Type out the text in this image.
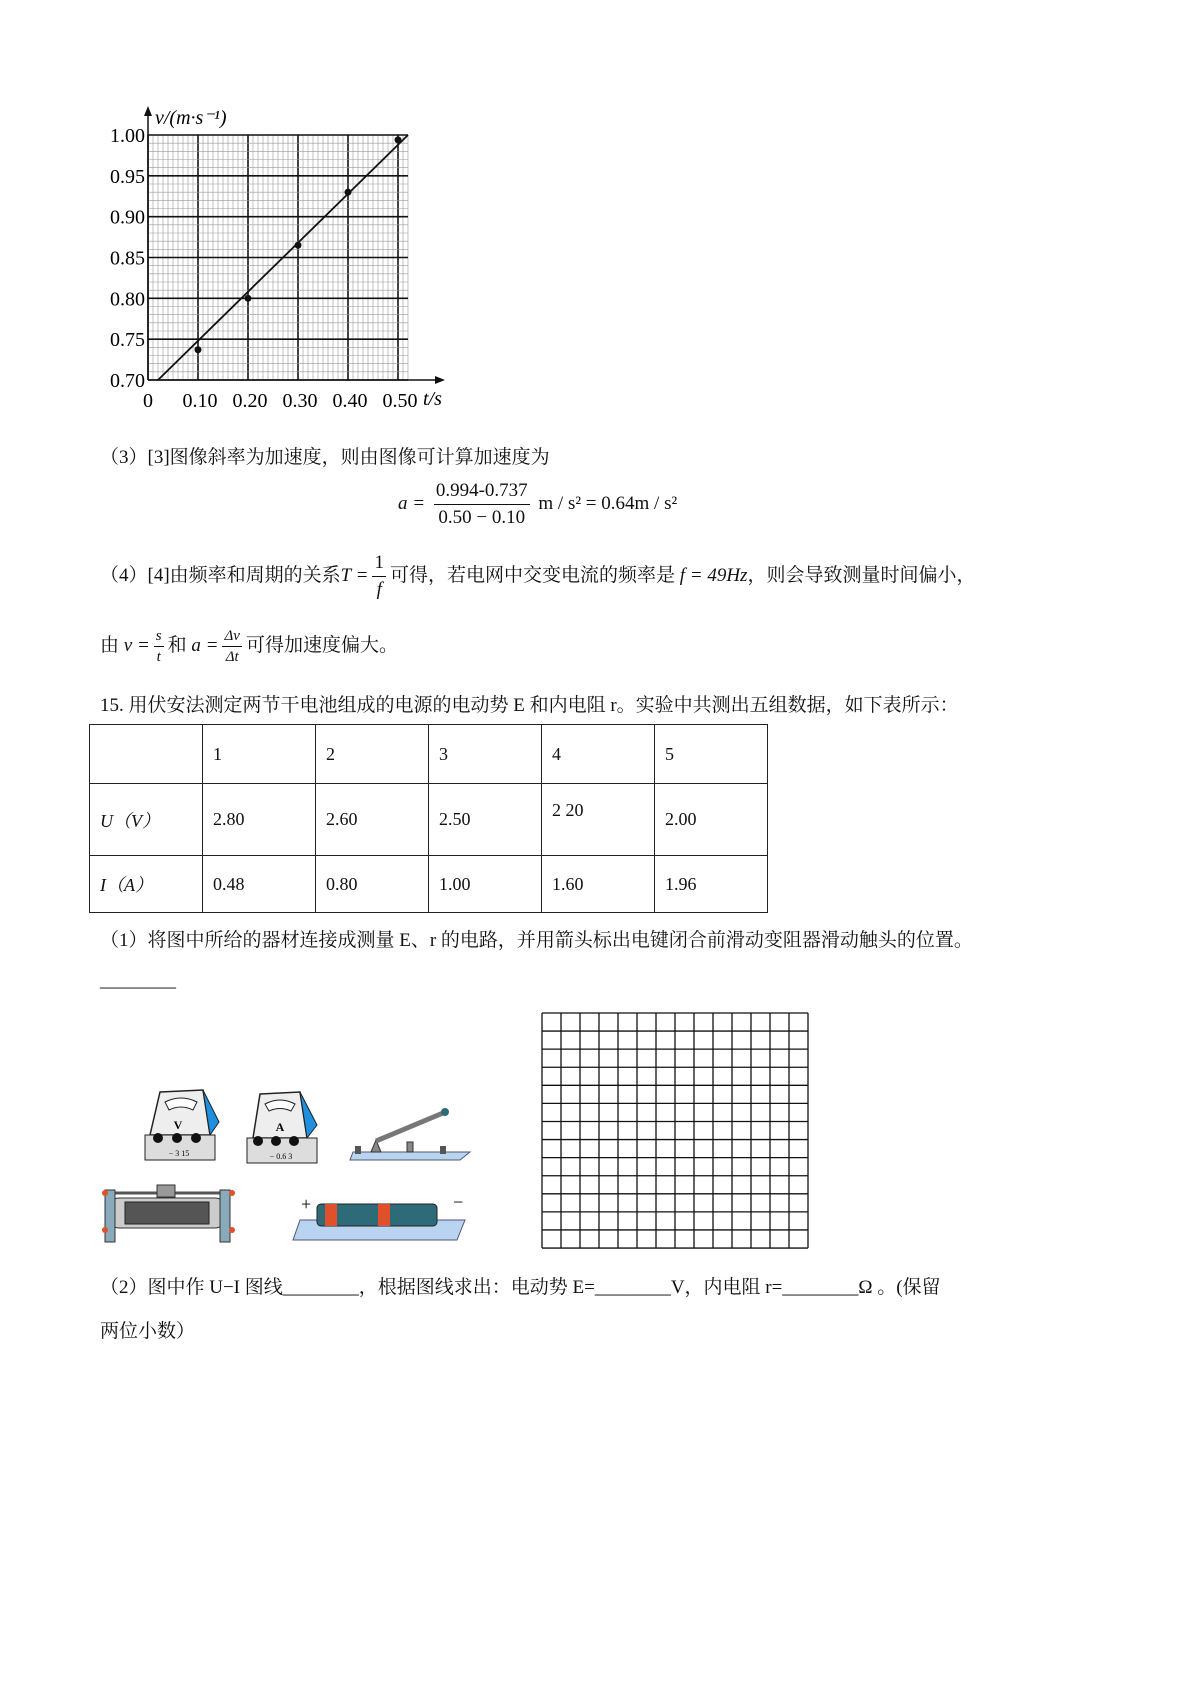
0.70
0.75
0.80
0.85
0.90
0.95
1.00
0.10 0.20 0.30 0.40 0.50
0
v/(m·s⁻¹)
t/s
（3）[3]图像斜率为加速度，则由图像可计算加速度为
$a = \frac{0.994-0.737}{0.50 - 0.10}$ m / s² = 0.64m / s²
（4）[4]由频率和周期的关系$T = \frac{1}{f}$ 可得，若电网中交变电流的频率是 f = 49Hz，则会导致测量时间偏小，
由 $v = \frac{s}{t}$ 和 $a = \frac{\Delta v}{\Delta t}$ 可得加速度偏大。
15. 用伏安法测定两节干电池组成的电源的电动势 E 和内电阻 r。实验中共测出五组数据，如下表所示：
	1	2	3	4	5
U（V）	2.80	2.60	2.50	2 20	2.00
I（A）	0.48	0.80	1.00	1.60	1.96
（1）将图中所给的器材连接成测量 E、r 的电路，并用箭头标出电键闭合前滑动变阻器滑动触头的位置。
________
V
− 3 15
A
− 0.6 3
+	−
（2）图中作 U−I 图线________，根据图线求出：电动势 E=________V，内电阻 r=________Ω 。(保留
两位小数）
